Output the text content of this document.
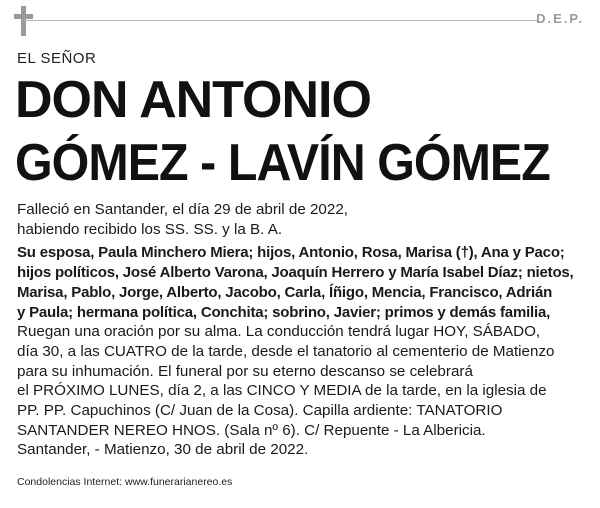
D.E.P.
EL SEÑOR
DON ANTONIO
GÓMEZ - LAVÍN GÓMEZ

Falleció en Santander, el día 29 de abril de 2022,
habiendo recibido los SS. SS. y la B. A.

Su esposa, Paula Minchero Miera; hijos, Antonio, Rosa, Marisa (†), Ana y Paco;
hijos políticos, José Alberto Varona, Joaquín Herrero y María Isabel Díaz; nietos,
Marisa, Pablo, Jorge, Alberto, Jacobo, Carla, Íñigo, Mencia, Francisco, Adrián
y Paula; hermana política, Conchita; sobrino, Javier; primos y demás familia,

Ruegan una oración por su alma. La conducción tendrá lugar HOY, SÁBADO,
día 30, a las CUATRO de la tarde, desde el tanatorio al cementerio de Matienzo
para su inhumación. El funeral por su eterno descanso se celebrará
el PRÓXIMO LUNES, día 2, a las CINCO Y MEDIA de la tarde, en la iglesia de
PP. PP. Capuchinos (C/ Juan de la Cosa). Capilla ardiente: TANATORIO
SANTANDER NEREO HNOS. (Sala nº 6). C/ Repuente - La Albericia.

Santander, - Matienzo, 30 de abril de 2022.

Condolencias Internet: www.funerarianereo.es
